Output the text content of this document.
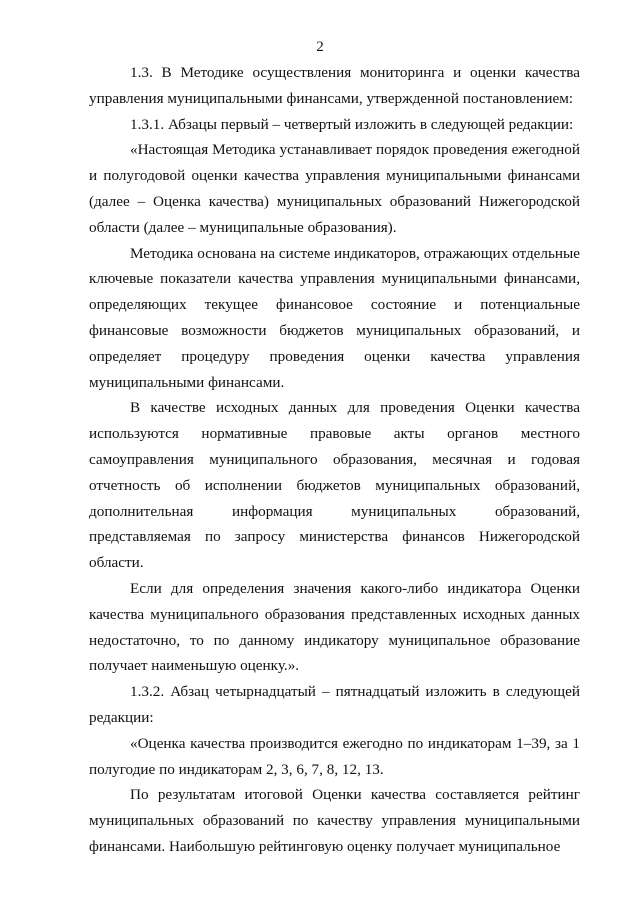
2

1.3. В Методике осуществления мониторинга и оценки качества управления муниципальными финансами, утвержденной постановлением:

1.3.1. Абзацы первый – четвертый изложить в следующей редакции:

«Настоящая Методика устанавливает порядок проведения ежегодной и полугодовой оценки качества управления муниципальными финансами (далее – Оценка качества) муниципальных образований Нижегородской области (далее – муниципальные образования).

Методика основана на системе индикаторов, отражающих отдельные ключевые показатели качества управления муниципальными финансами, определяющих текущее финансовое состояние и потенциальные финансовые возможности бюджетов муниципальных образований, и определяет процедуру проведения оценки качества управления муниципальными финансами.

В качестве исходных данных для проведения Оценки качества используются нормативные правовые акты органов местного самоуправления муниципального образования, месячная и годовая отчетность об исполнении бюджетов муниципальных образований, дополнительная информация муниципальных образований, представляемая по запросу министерства финансов Нижегородской области.

Если для определения значения какого-либо индикатора Оценки качества муниципального образования представленных исходных данных недостаточно, то по данному индикатору муниципальное образование получает наименьшую оценку.».

1.3.2. Абзац четырнадцатый – пятнадцатый изложить в следующей редакции:

«Оценка качества производится ежегодно по индикаторам 1–39, за 1 полугодие по индикаторам 2, 3, 6, 7, 8, 12, 13.

По результатам итоговой Оценки качества составляется рейтинг муниципальных образований по качеству управления муниципальными финансами. Наибольшую рейтинговую оценку получает муниципальное
